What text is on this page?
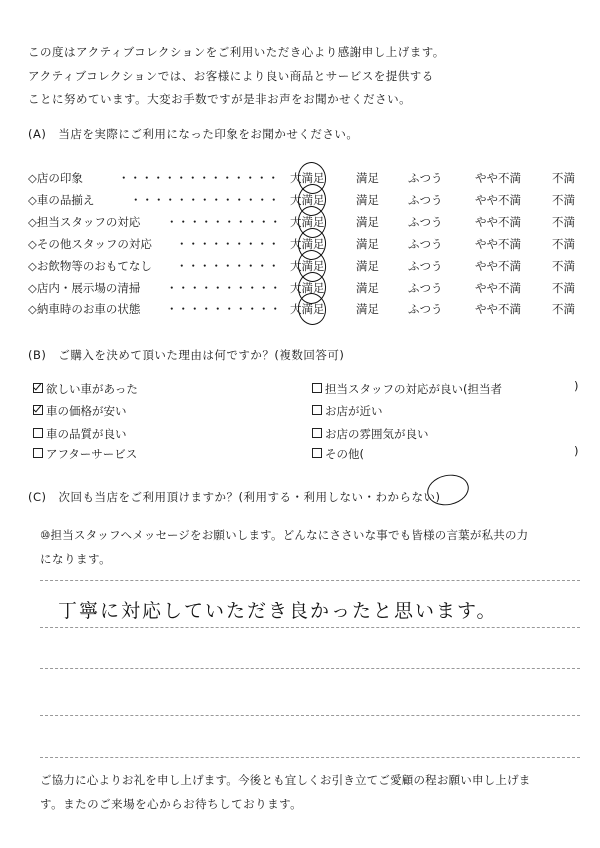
この度はアクティブコレクションをご利用いただき心より感謝申し上げます。
アクティブコレクションでは、お客様により良い商品とサービスを提供する
ことに努めています。大変お手数ですが是非お声をお聞かせください。
(A)　当店を実際にご利用になった印象をお聞かせください。
◇店の印象	・・・・・・・・・・・・・・ 大満足	満足	ふつう	やや不満	不満
◇車の品揃え	・・・・・・・・・・・・・ 大満足	満足	ふつう	やや不満	不満
◇担当スタッフの対応 ・・・・・・・・・・ 大満足	満足	ふつう	やや不満	不満
◇その他スタッフの対応 ・・・・・・・・・ 大満足	満足	ふつう	やや不満	不満
◇お飲物等のおもてなし ・・・・・・・・・ 大満足	満足	ふつう	やや不満	不満
◇店内・展示場の清掃 ・・・・・・・・・・ 大満足	満足	ふつう	やや不満	不満
◇納車時のお車の状態 ・・・・・・・・・・ 大満足	満足	ふつう	やや不満	不満
(B)　ご購入を決めて頂いた理由は何ですか？(複数回答可)
欲しい車があった
車の価格が安い
車の品質が良い
アフターサービス
担当スタッフの対応が良い(担当者	)
お店が近い
お店の雰囲気が良い
その他(	)
(C)　次回も当店をご利用頂けますか？(利用する・利用しない・わからない)
⑩担当スタッフへメッセージをお願いします。どんなにささいな事でも皆様の言葉が私共の力
になります。
丁寧に対応していただき良かったと思います。
ご協力に心よりお礼を申し上げます。今後とも宜しくお引き立てご愛顧の程お願い申し上げま
す。またのご来場を心からお待ちしております。
